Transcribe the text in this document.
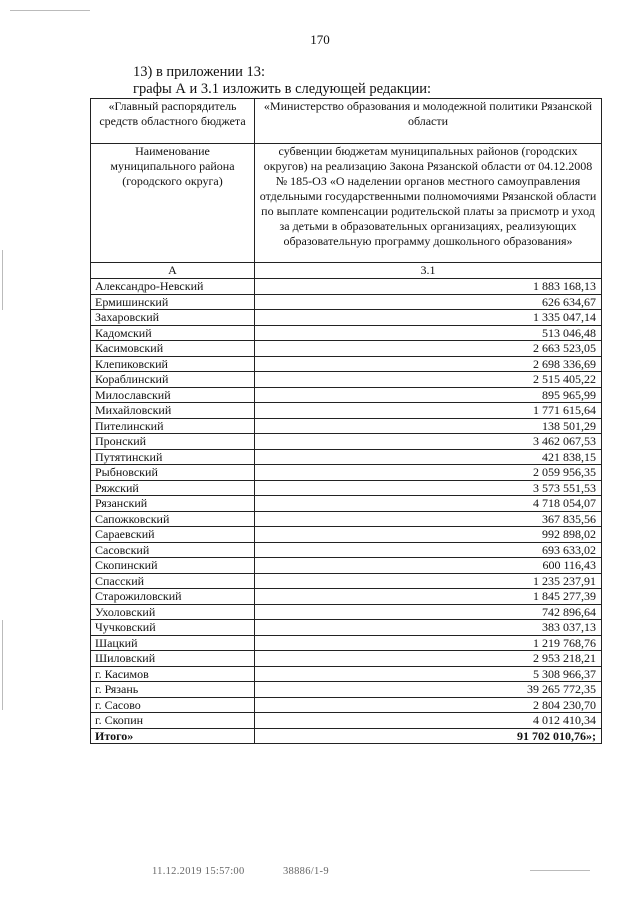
170
13) в приложении 13:
графы А и 3.1 изложить в следующей редакции:
«Главный распорядитель средств областного бюджета	«Министерство образования и молодежной политики Рязанской области
Наименование муниципального района (городского округа)	субвенции бюджетам муниципальных районов (городских округов) на реализацию Закона Рязанской области от 04.12.2008 № 185-ОЗ «О наделении органов местного самоуправления отдельными государственными полномочиями Рязанской области по выплате компенсации родительской платы за присмотр и уход за детьми в образовательных организациях, реализующих образовательную программу дошкольного образования»
А	3.1
Александро-Невский	1 883 168,13
Ермишинский	626 634,67
Захаровский	1 335 047,14
Кадомский	513 046,48
Касимовский	2 663 523,05
Клепиковский	2 698 336,69
Кораблинский	2 515 405,22
Милославский	895 965,99
Михайловский	1 771 615,64
Пителинский	138 501,29
Пронский	3 462 067,53
Путятинский	421 838,15
Рыбновский	2 059 956,35
Ряжский	3 573 551,53
Рязанский	4 718 054,07
Сапожковский	367 835,56
Сараевский	992 898,02
Сасовский	693 633,02
Скопинский	600 116,43
Спасский	1 235 237,91
Старожиловский	1 845 277,39
Ухоловский	742 896,64
Чучковский	383 037,13
Шацкий	1 219 768,76
Шиловский	2 953 218,21
г. Касимов	5 308 966,37
г. Рязань	39 265 772,35
г. Сасово	2 804 230,70
г. Скопин	4 012 410,34
Итого»	91 702 010,76»;
11.12.2019 15:57:00	38886/1-9
